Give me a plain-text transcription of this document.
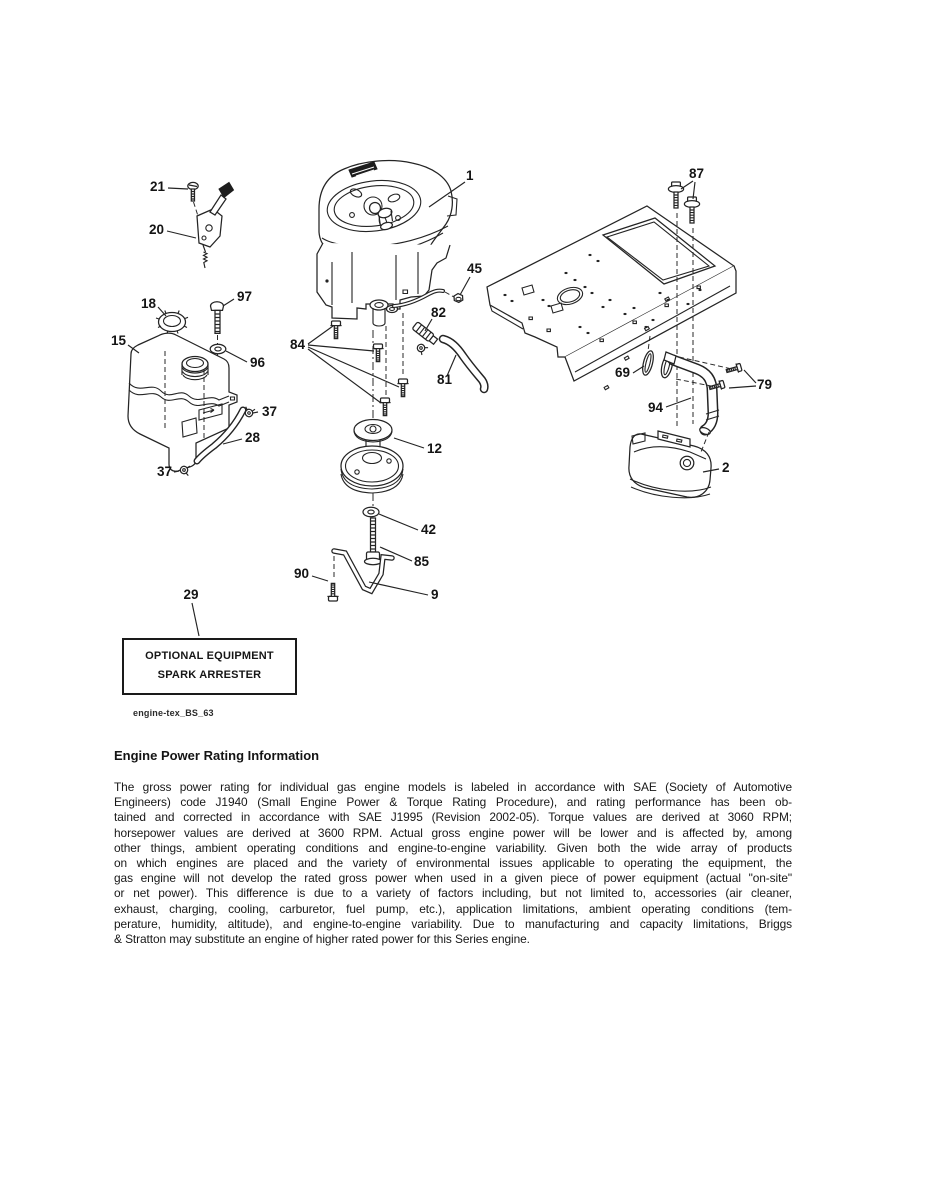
1
2
9
12
15
18
20
21
28
29
37
37
42
45
69
79
81
82
84
85
87
90
94
96
97
OPTIONAL EQUIPMENT
SPARK ARRESTER
engine-tex_BS_63
Engine Power Rating Information
The gross power rating for individual gas engine models is labeled in accordance with SAE (Society of Automotive
Engineers) code J1940 (Small Engine Power & Torque Rating Procedure), and rating performance has been ob-
tained and corrected in accordance with SAE J1995 (Revision 2002-05). Torque values are derived at 3060 RPM;
horsepower values are derived at 3600 RPM. Actual gross engine power will be lower and is affected by, among
other things, ambient operating conditions and engine-to-engine variability. Given both the wide array of products
on which engines are placed and the variety of environmental issues applicable to operating the equipment, the
gas engine will not develop the rated gross power when used in a given piece of power equipment (actual "on-site"
or net power). This difference is due to a variety of factors including, but not limited to, accessories (air cleaner,
exhaust, charging, cooling, carburetor, fuel pump, etc.), application limitations, ambient operating conditions (tem-
perature, humidity, altitude), and engine-to-engine variability. Due to manufacturing and capacity limitations, Briggs
& Stratton may substitute an engine of higher rated power for this Series engine.
